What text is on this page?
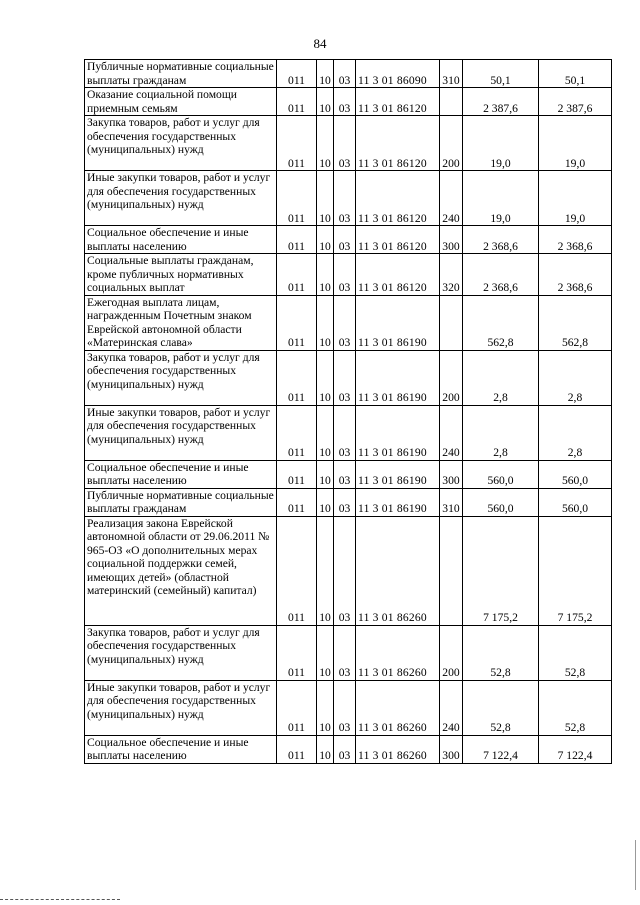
84
Публичные нормативные социальные выплаты гражданам	011	10	03	11 3 01 86090	310	50,1	50,1
Оказание социальной помощи приемным семьям	011	10	03	11 3 01 86120		2 387,6	2 387,6
Закупка товаров, работ и услуг для обеспечения государственных (муниципальных) нужд	011	10	03	11 3 01 86120	200	19,0	19,0
Иные закупки товаров, работ и услуг для обеспечения государственных (муниципальных) нужд	011	10	03	11 3 01 86120	240	19,0	19,0
Социальное обеспечение и иные выплаты населению	011	10	03	11 3 01 86120	300	2 368,6	2 368,6
Социальные выплаты гражданам, кроме публичных нормативных социальных выплат	011	10	03	11 3 01 86120	320	2 368,6	2 368,6
Ежегодная выплата лицам, награжденным Почетным знаком Еврейской автономной области «Материнская слава»	011	10	03	11 3 01 86190		562,8	562,8
Закупка товаров, работ и услуг для обеспечения государственных (муниципальных) нужд	011	10	03	11 3 01 86190	200	2,8	2,8
Иные закупки товаров, работ и услуг для обеспечения государственных (муниципальных) нужд	011	10	03	11 3 01 86190	240	2,8	2,8
Социальное обеспечение и иные выплаты населению	011	10	03	11 3 01 86190	300	560,0	560,0
Публичные нормативные социальные выплаты гражданам	011	10	03	11 3 01 86190	310	560,0	560,0
Реализация закона Еврейской автономной области от 29.06.2011 № 965-ОЗ «О дополнительных мерах социальной поддержки семей, имеющих детей» (областной материнский (семейный) капитал)	011	10	03	11 3 01 86260		7 175,2	7 175,2
Закупка товаров, работ и услуг для обеспечения государственных (муниципальных) нужд	011	10	03	11 3 01 86260	200	52,8	52,8
Иные закупки товаров, работ и услуг для обеспечения государственных (муниципальных) нужд	011	10	03	11 3 01 86260	240	52,8	52,8
Социальное обеспечение и иные выплаты населению	011	10	03	11 3 01 86260	300	7 122,4	7 122,4
